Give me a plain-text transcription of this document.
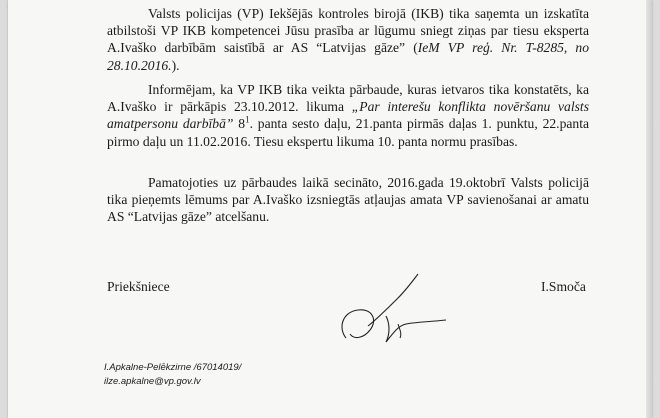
Valsts policijas (VP) Iekšējās kontroles birojā (IKB) tika saņemta un izskatīta atbilstoši VP IKB kompetencei Jūsu prasība ar lūgumu sniegt ziņas par tiesu eksperta A.Ivaško darbībām saistībā ar AS “Latvijas gāze” (IeM VP reģ. Nr. T-8285, no 28.10.2016.).

Informējam, ka VP IKB tika veikta pārbaude, kuras ietvaros tika konstatēts, ka A.Ivaško ir pārkāpis 23.10.2012. likuma „Par interešu konflikta novēršanu valsts amatpersonu darbībā” $8^1$. panta sesto daļu, 21.panta pirmās daļas 1. punktu, 22.panta pirmo daļu un 11.02.2016. Tiesu ekspertu likuma 10. panta normu prasības.

Pamatojoties uz pārbaudes laikā secināto, 2016.gada 19.oktobrī Valsts policijā tika pieņemts lēmums par A.Ivaško izsniegtās atļaujas amata VP savienošanai ar amatu AS “Latvijas gāze” atcelšanu.

Priekšniece	I.Smoča
I.Apkalne-Pelēkzirne /67014019/
ilze.apkalne@vp.gov.lv
